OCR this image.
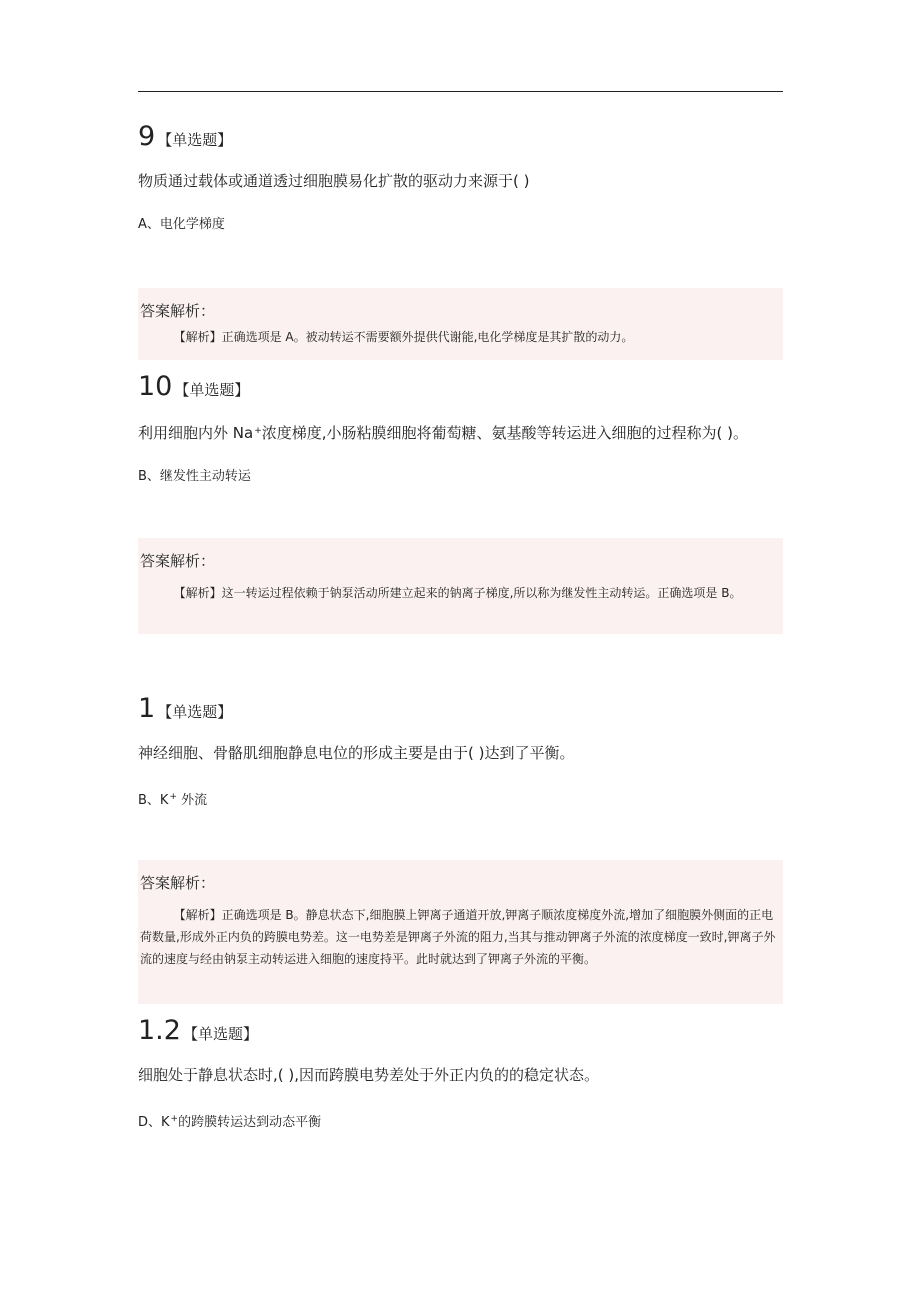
9 【单选题】
物质通过载体或通道透过细胞膜易化扩散的驱动力来源于( )
A、电化学梯度
答案解析：
【解析】正确选项是 A。被动转运不需要额外提供代谢能,电化学梯度是其扩散的动力。
10 【单选题】
利用细胞内外 Na+浓度梯度,小肠粘膜细胞将葡萄糖、氨基酸等转运进入细胞的过程称为( )。
B、继发性主动转运
答案解析：
【解析】这一转运过程依赖于钠泵活动所建立起来的钠离子梯度,所以称为继发性主动转运。正确选项是 B。
1 【单选题】
神经细胞、骨骼肌细胞静息电位的形成主要是由于( )达到了平衡。
B、K+ 外流
答案解析：
【解析】正确选项是 B。静息状态下,细胞膜上钾离子通道开放,钾离子顺浓度梯度外流,增加了细胞膜外侧面的正电荷数量,形成外正内负的跨膜电势差。这一电势差是钾离子外流的阻力,当其与推动钾离子外流的浓度梯度一致时,钾离子外流的速度与经由钠泵主动转运进入细胞的速度持平。此时就达到了钾离子外流的平衡。
1.2 【单选题】
细胞处于静息状态时,( ),因而跨膜电势差处于外正内负的的稳定状态。
D、K+的跨膜转运达到动态平衡
